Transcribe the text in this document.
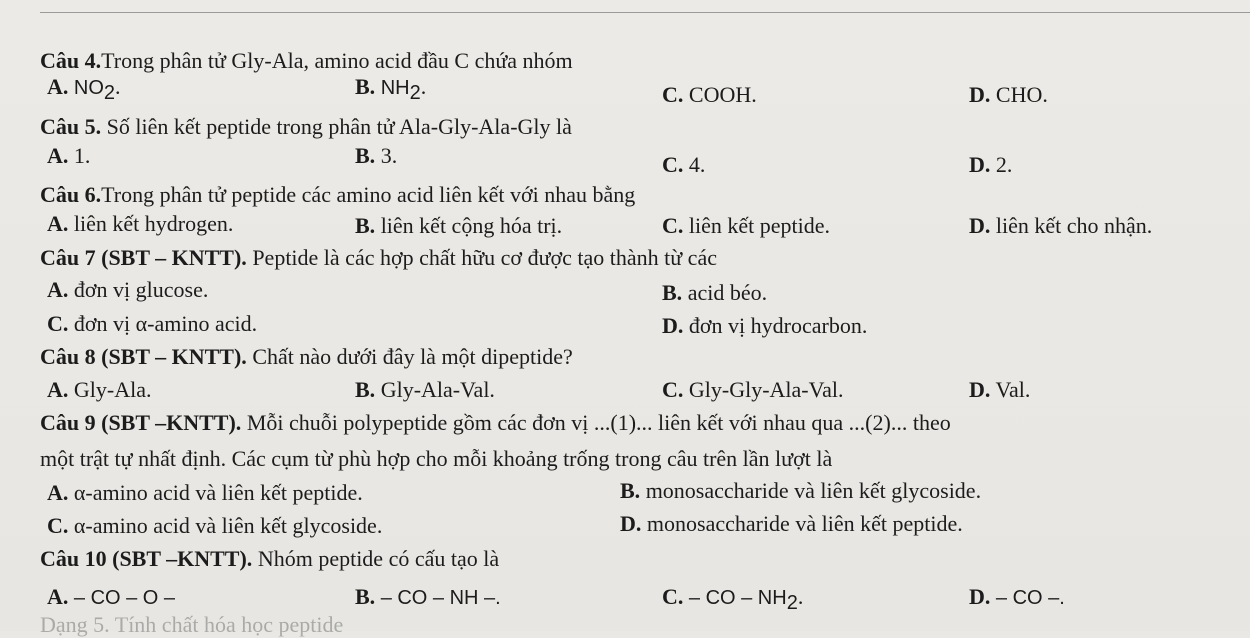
Câu 4.Trong phân tử Gly-Ala, amino acid đầu C chứa nhóm
A. NO2.	B. NH2.	C. COOH.	D. CHO.
Câu 5. Số liên kết peptide trong phân tử Ala-Gly-Ala-Gly là
A. 1.	B. 3.	C. 4.	D. 2.
Câu 6.Trong phân tử peptide các amino acid liên kết với nhau bằng
A. liên kết hydrogen.	B. liên kết cộng hóa trị.	C. liên kết peptide.	D. liên kết cho nhận.
Câu 7 (SBT – KNTT). Peptide là các hợp chất hữu cơ được tạo thành từ các
A. đơn vị glucose.	B. acid béo.
C. đơn vị α-amino acid.	D. đơn vị hydrocarbon.
Câu 8 (SBT – KNTT). Chất nào dưới đây là một dipeptide?
A. Gly-Ala.	B. Gly-Ala-Val.	C. Gly-Gly-Ala-Val.	D. Val.
Câu 9 (SBT –KNTT). Mỗi chuỗi polypeptide gồm các đơn vị ...(1)... liên kết với nhau qua ...(2)... theo
một trật tự nhất định. Các cụm từ phù hợp cho mỗi khoảng trống trong câu trên lần lượt là
A. α-amino acid và liên kết peptide.	B. monosaccharide và liên kết glycoside.
C. α-amino acid và liên kết glycoside.	D. monosaccharide và liên kết peptide.
Câu 10 (SBT –KNTT). Nhóm peptide có cấu tạo là
A. – CO – O –	B. – CO – NH –.	C. – CO – NH2.	D. – CO –.
Dạng 5. Tính chất hóa học peptide
